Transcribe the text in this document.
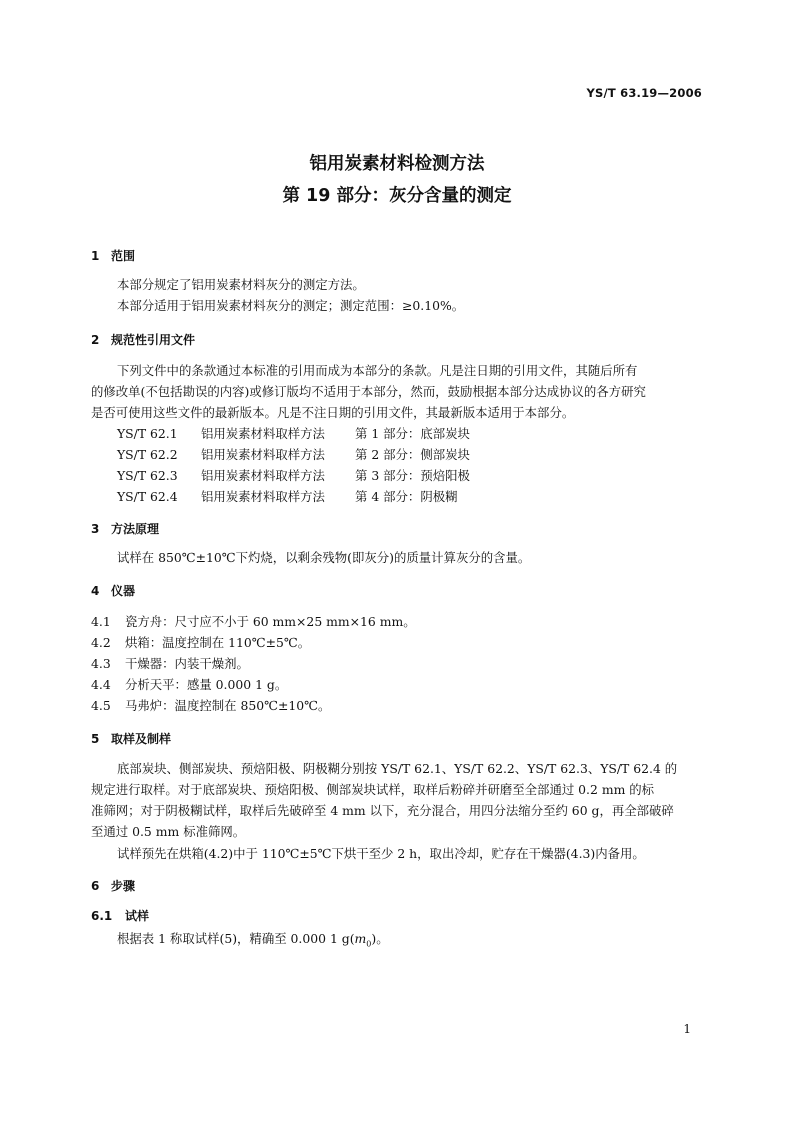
YS/T 63.19—2006
铝用炭素材料检测方法
第 19 部分：灰分含量的测定
1 范围
本部分规定了铝用炭素材料灰分的测定方法。
本部分适用于铝用炭素材料灰分的测定；测定范围：≥0.10%。
2 规范性引用文件
下列文件中的条款通过本标准的引用而成为本部分的条款。凡是注日期的引用文件，其随后所有
的修改单(不包括勘误的内容)或修订版均不适用于本部分，然而，鼓励根据本部分达成协议的各方研究
是否可使用这些文件的最新版本。凡是不注日期的引用文件，其最新版本适用于本部分。
YS/T 62.1 铝用炭素材料取样方法 第 1 部分：底部炭块
YS/T 62.2 铝用炭素材料取样方法 第 2 部分：侧部炭块
YS/T 62.3 铝用炭素材料取样方法 第 3 部分：预焙阳极
YS/T 62.4 铝用炭素材料取样方法 第 4 部分：阴极糊
3 方法原理
试样在 850℃±10℃下灼烧，以剩余残物(即灰分)的质量计算灰分的含量。
4 仪器
4.1 瓷方舟：尺寸应不小于 60 mm×25 mm×16 mm。
4.2 烘箱：温度控制在 110℃±5℃。
4.3 干燥器：内装干燥剂。
4.4 分析天平：感量 0.000 1 g。
4.5 马弗炉：温度控制在 850℃±10℃。
5 取样及制样
底部炭块、侧部炭块、预焙阳极、阴极糊分别按 YS/T 62.1、YS/T 62.2、YS/T 62.3、YS/T 62.4 的
规定进行取样。对于底部炭块、预焙阳极、侧部炭块试样，取样后粉碎并研磨至全部通过 0.2 mm 的标
准筛网；对于阴极糊试样，取样后先破碎至 4 mm 以下，充分混合，用四分法缩分至约 60 g，再全部破碎
至通过 0.5 mm 标准筛网。
试样预先在烘箱(4.2)中于 110℃±5℃下烘干至少 2 h，取出冷却，贮存在干燥器(4.3)内备用。
6 步骤
6.1 试样
根据表 1 称取试样(5)，精确至 0.000 1 $g(m_0)$。
1
